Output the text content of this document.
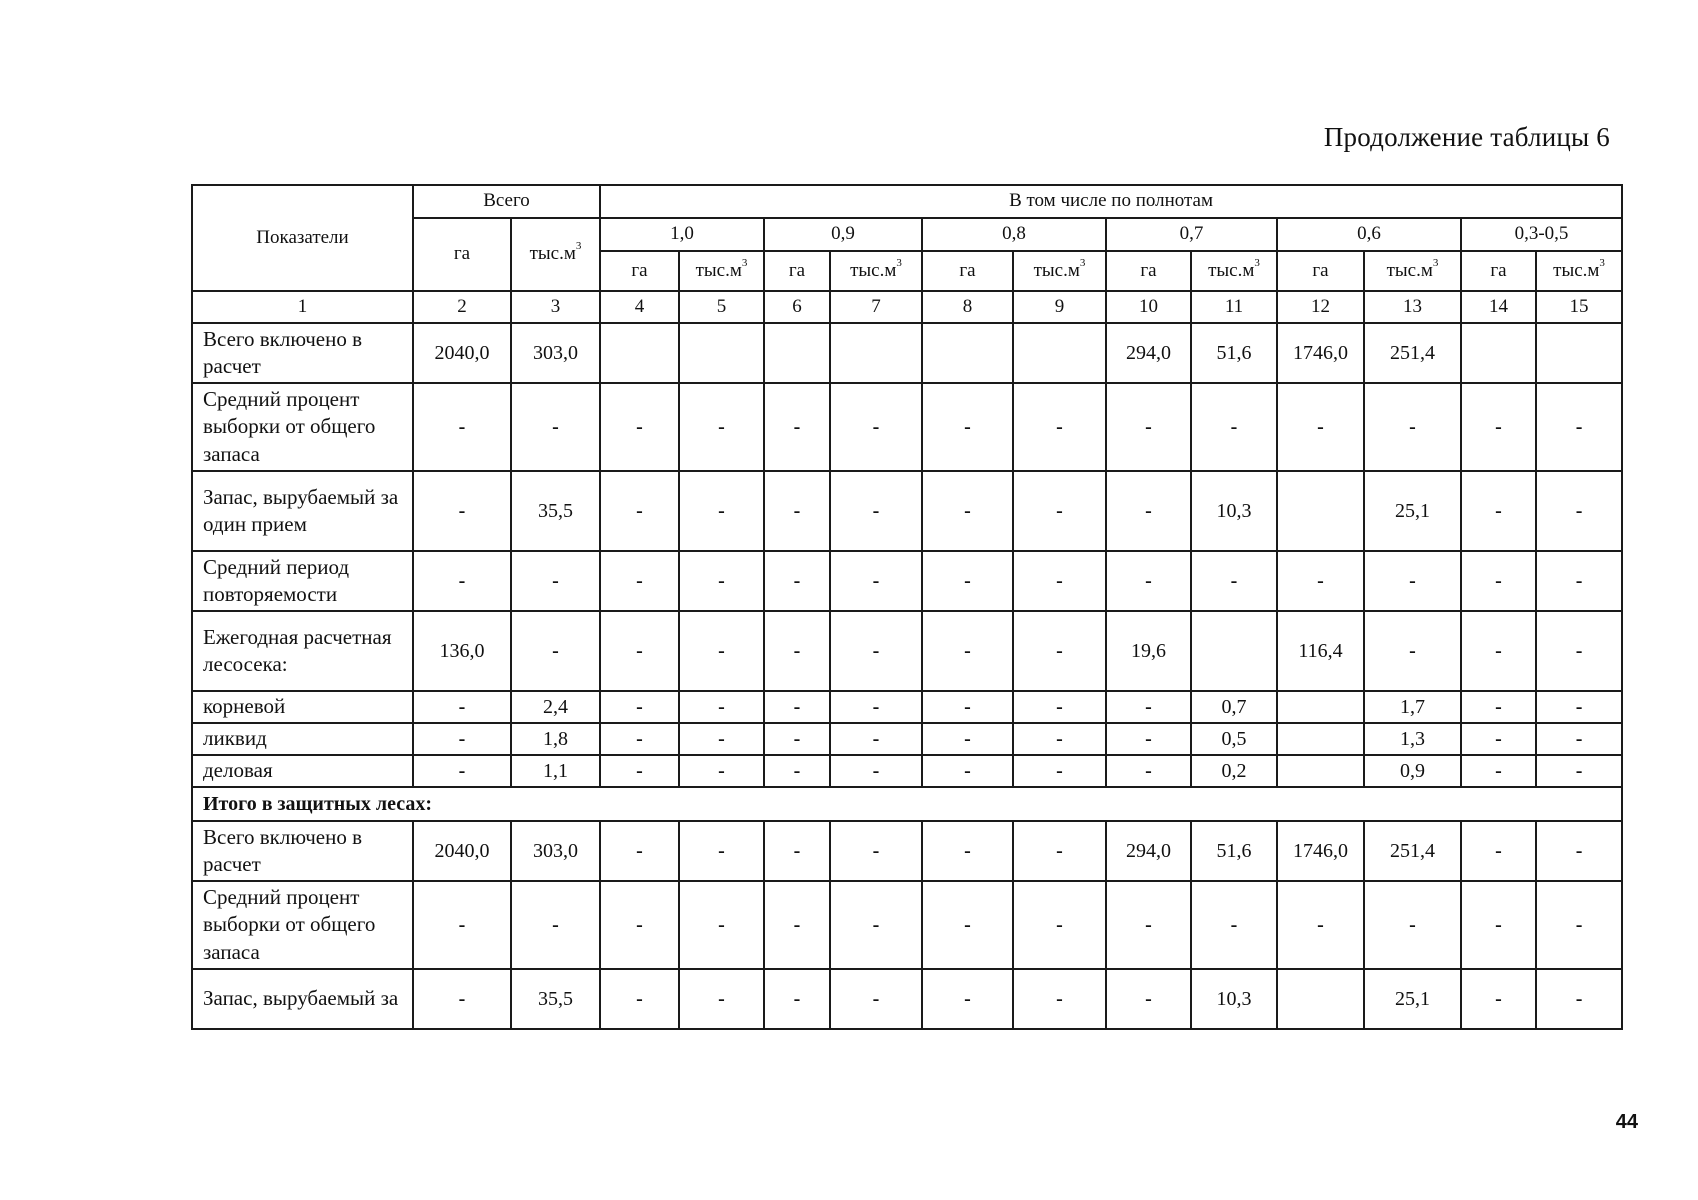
Продолжение таблицы 6
Показатели	Всего		В том числе по полнотам											
	га	$тыс.м^3$	1,0		0,9		0,8		0,7		0,6		0,3-0,5	
			га	$тыс.м^3$	га	$тыс.м^3$	га	$тыс.м^3$	га	$тыс.м^3$	га	$тыс.м^3$	га	$тыс.м^3$
1	2	3	4	5	6	7	8	9	10	11	12	13	14	15
Всего включено в расчет	2040,0	303,0							294,0	51,6	1746,0	251,4		
Средний процент выборки от общего запаса	-	-	-	-	-	-	-	-	-	-	-	-	-	-
Запас, вырубаемый за один прием	-	35,5	-	-	-	-	-	-	-	10,3		25,1	-	-
Средний период повторяемости	-	-	-	-	-	-	-	-	-	-	-	-	-	-
Ежегодная расчетная лесосека:	136,0	-	-	-	-	-	-	-	19,6		116,4	-	-	-
корневой	-	2,4	-	-	-	-	-	-	-	0,7		1,7	-	-
ликвид	-	1,8	-	-	-	-	-	-	-	0,5		1,3	-	-
деловая	-	1,1	-	-	-	-	-	-	-	0,2		0,9	-	-
Итого в защитных лесах:														
Всего включено в расчет	2040,0	303,0	-	-	-	-	-	-	294,0	51,6	1746,0	251,4	-	-
Средний процент выборки от общего запаса	-	-	-	-	-	-	-	-	-	-	-	-	-	-
Запас, вырубаемый за	-	35,5	-	-	-	-	-	-	-	10,3		25,1	-	-
44
